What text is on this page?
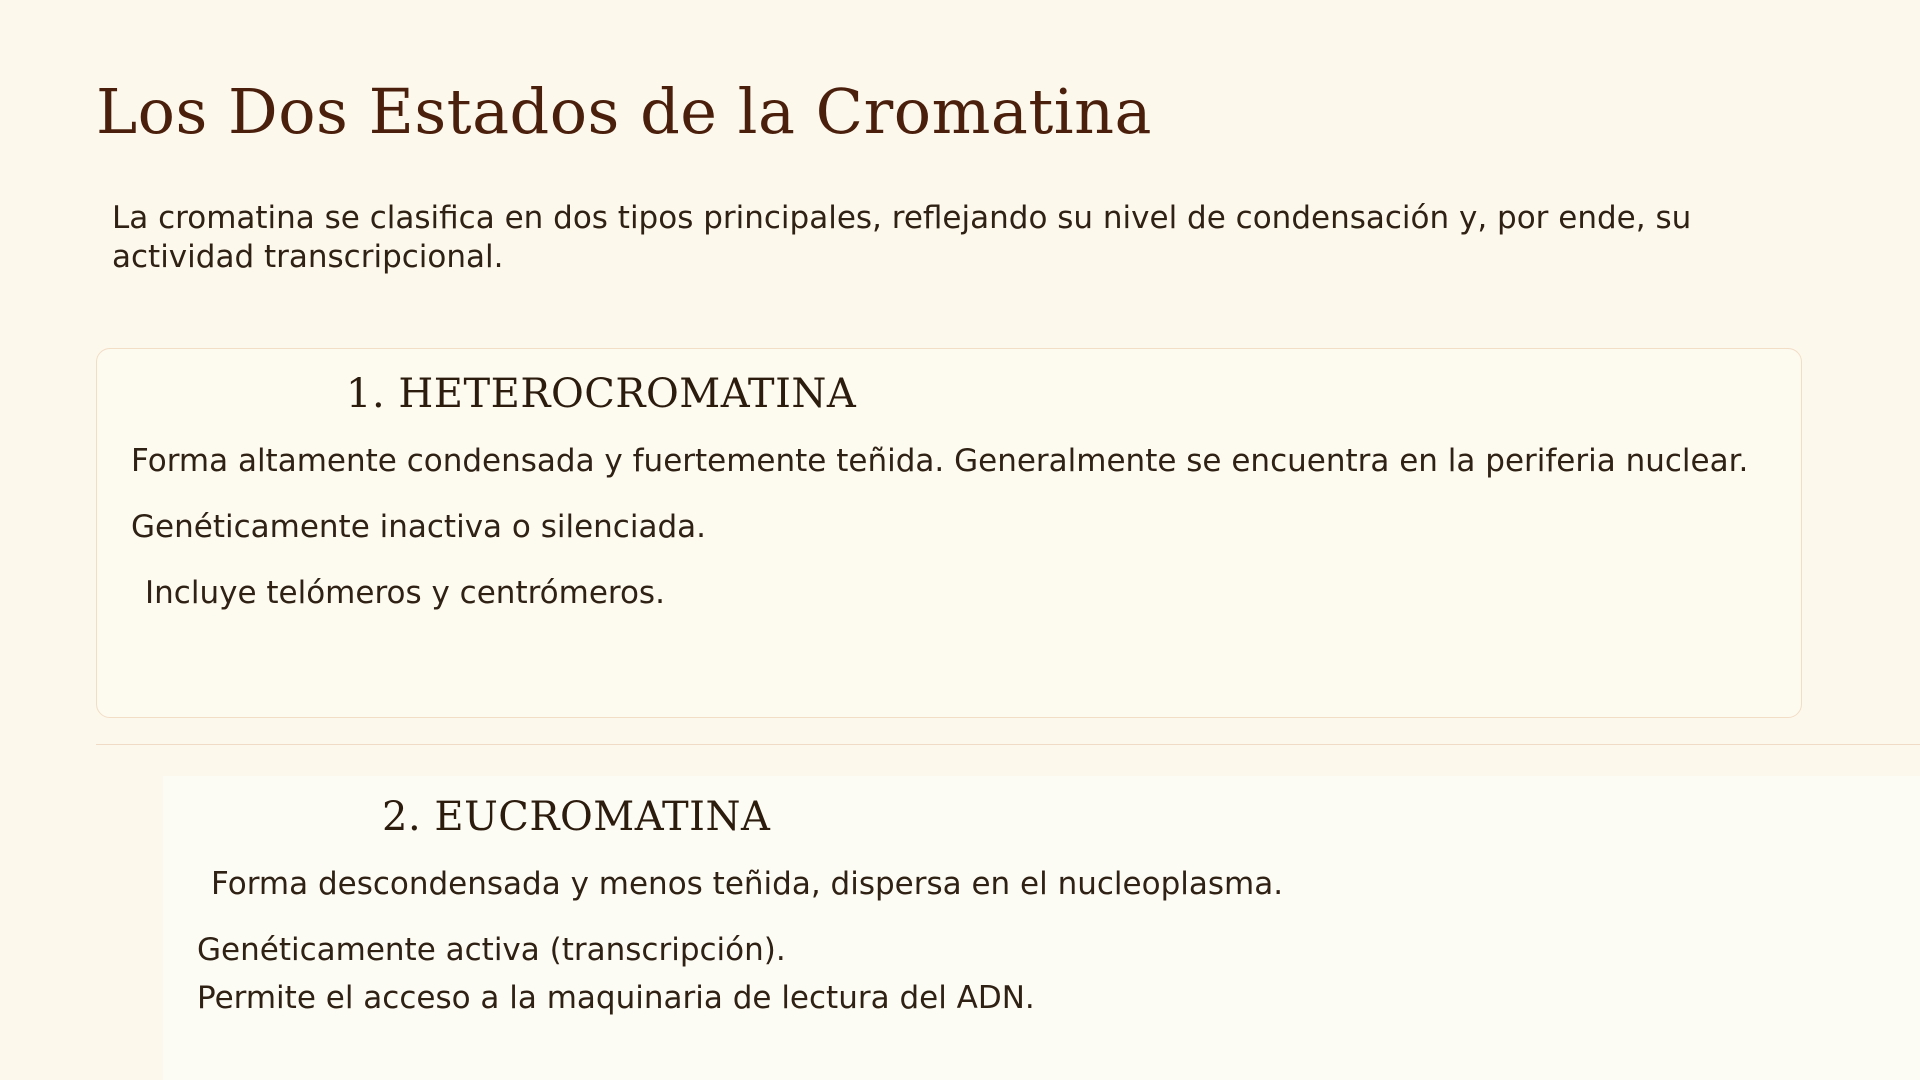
Los Dos Estados de la Cromatina

La cromatina se clasifica en dos tipos principales, reflejando su nivel de condensación y, por ende, su actividad transcripcional.

1. HETEROCROMATINA

Forma altamente condensada y fuertemente teñida. Generalmente se encuentra en la periferia nuclear.

Genéticamente inactiva o silenciada.

Incluye telómeros y centrómeros.

2. EUCROMATINA

Forma descondensada y menos teñida, dispersa en el nucleoplasma.

Genéticamente activa (transcripción).

Permite el acceso a la maquinaria de lectura del ADN.
